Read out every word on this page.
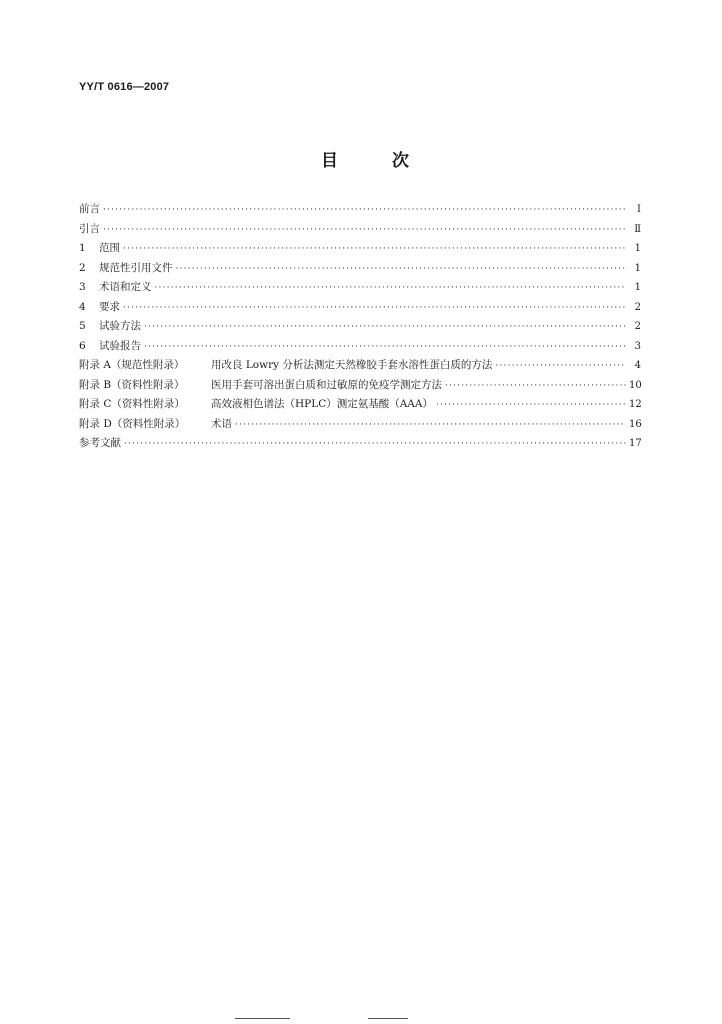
YY/T 0616—2007
目	次
前言 ·····	Ⅰ
引言 ·····	Ⅱ
1	范围 ·····	1
2	规范性引用文件 ·····	1
3	术语和定义 ·····	1
4	要求 ·····	2
5	试验方法 ·····	2
6	试验报告 ·····	3
附录 A（规范性附录）	用改良 Lowry 分析法测定天然橡胶手套水溶性蛋白质的方法 ·····	4
附录 B（资料性附录）	医用手套可溶出蛋白质和过敏原的免疫学测定方法 ·····	10
附录 C（资料性附录）	高效液相色谱法（HPLC）测定氨基酸（AAA） ·····	12
附录 D（资料性附录）	术语 ·····	16
参考文献 ·····	17
